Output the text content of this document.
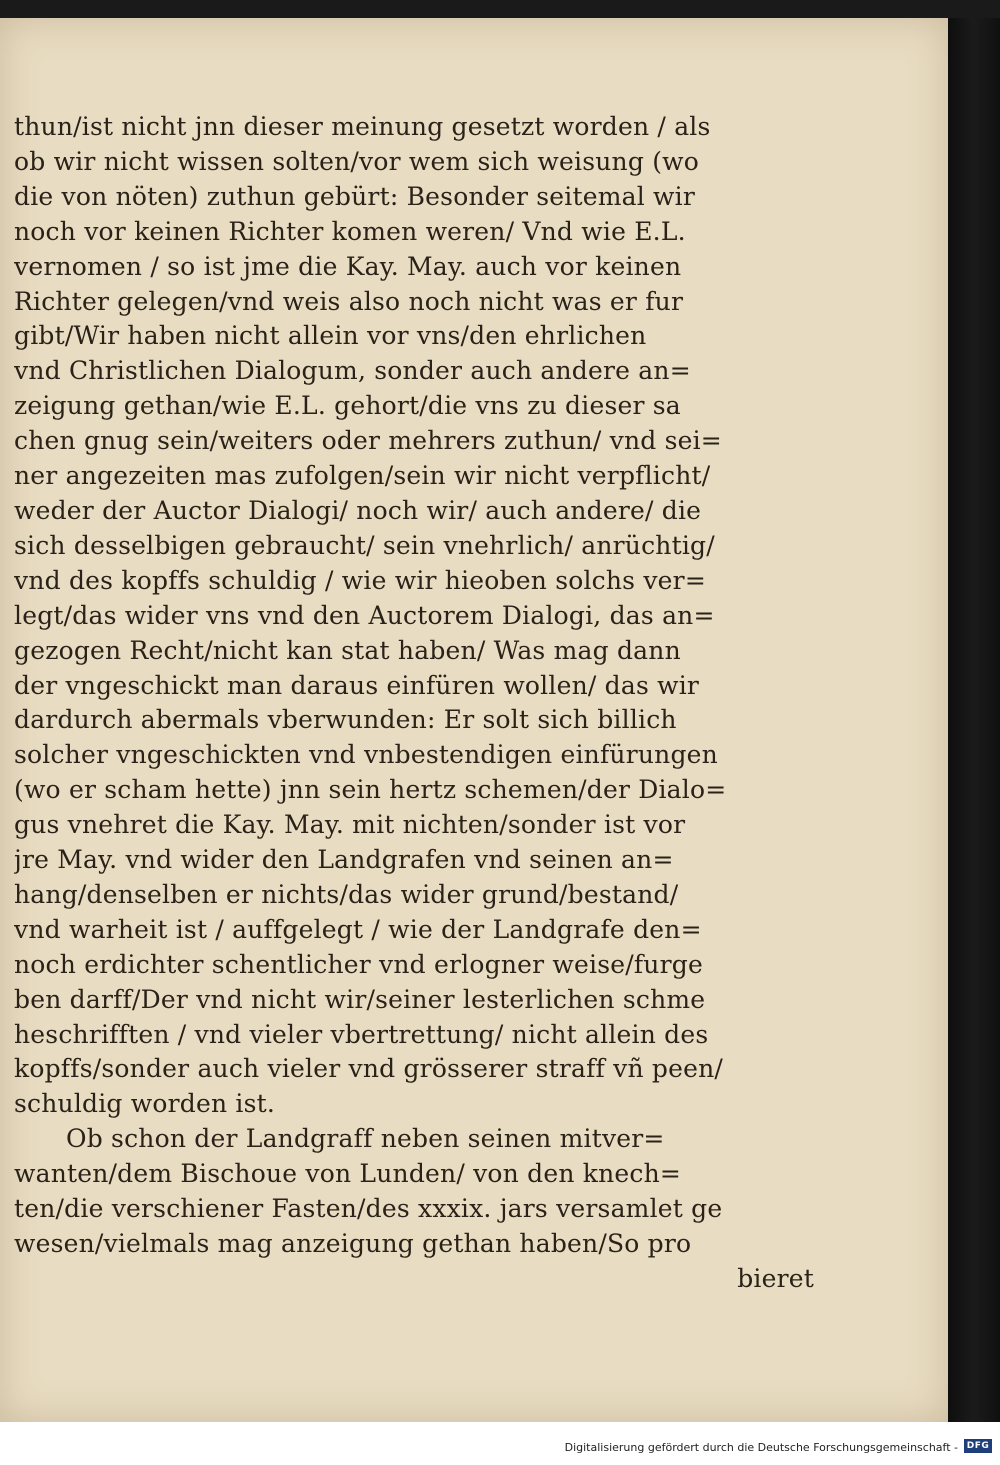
thun/ist nicht jnn dieser meinung gesetzt worden / als
ob wir nicht wissen solten/vor wem sich weisung (wo
die von nöten) zuthun gebürt: Besonder seitemal wir
noch vor keinen Richter komen weren/ Vnd wie E.L.
vernomen / so ist jme die Kay. May. auch vor keinen
Richter gelegen/vnd weis also noch nicht was er fur
gibt/Wir haben nicht allein vor vns/den ehrlichen
vnd Christlichen Dialogum, sonder auch andere an=
zeigung gethan/wie E.L. gehort/die vns zu dieser sa
chen gnug sein/weiters oder mehrers zuthun/ vnd sei=
ner angezeiten mas zufolgen/sein wir nicht verpflicht/
weder der Auctor Dialogi/ noch wir/ auch andere/ die
sich desselbigen gebraucht/ sein vnehrlich/ anrüchtig/
vnd des kopffs schuldig / wie wir hieoben solchs ver=
legt/das wider vns vnd den Auctorem Dialogi, das an=
gezogen Recht/nicht kan stat haben/ Was mag dann
der vngeschickt man daraus einfüren wollen/ das wir
dardurch abermals vberwunden: Er solt sich billich
solcher vngeschickten vnd vnbestendigen einfürungen
(wo er scham hette) jnn sein hertz schemen/der Dialo=
gus vnehret die Kay. May. mit nichten/sonder ist vor
jre May. vnd wider den Landgrafen vnd seinen an=
hang/denselben er nichts/das wider grund/bestand/
vnd warheit ist / auffgelegt / wie der Landgrafe den=
noch erdichter schentlicher vnd erlogner weise/furge
ben darff/Der vnd nicht wir/seiner lesterlichen schme
heschrifften / vnd vieler vbertrettung/ nicht allein des
kopffs/sonder auch vieler vnd grösserer straff vñ peen/
schuldig worden ist.
Ob schon der Landgraff neben seinen mitver=
wanten/dem Bischoue von Lunden/ von den knech=
ten/die verschiener Fasten/des xxxix. jars versamlet ge
wesen/vielmals mag anzeigung gethan haben/So pro
bieret
Digitalisierung gefördert durch die Deutsche Forschungsgemeinschaft - DFG
